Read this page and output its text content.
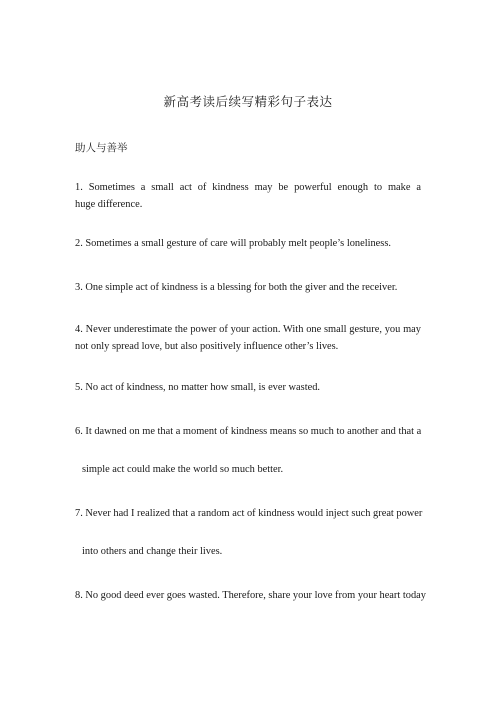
新高考读后续写精彩句子表达
助人与善举
1. Sometimes a small act of kindness may be powerful enough to make a
huge difference.
2. Sometimes a small gesture of care will probably melt people’s loneliness.
3. One simple act of kindness is a blessing for both the giver and the receiver.
4. Never underestimate the power of your action. With one small gesture, you may
not only spread love, but also positively influence other’s lives.
5. No act of kindness, no matter how small, is ever wasted.
6. It dawned on me that a moment of kindness means so much to another and that a
simple act could make the world so much better.
7. Never had I realized that a random act of kindness would inject such great power
into others and change their lives.
8. No good deed ever goes wasted. Therefore, share your love from your heart today
